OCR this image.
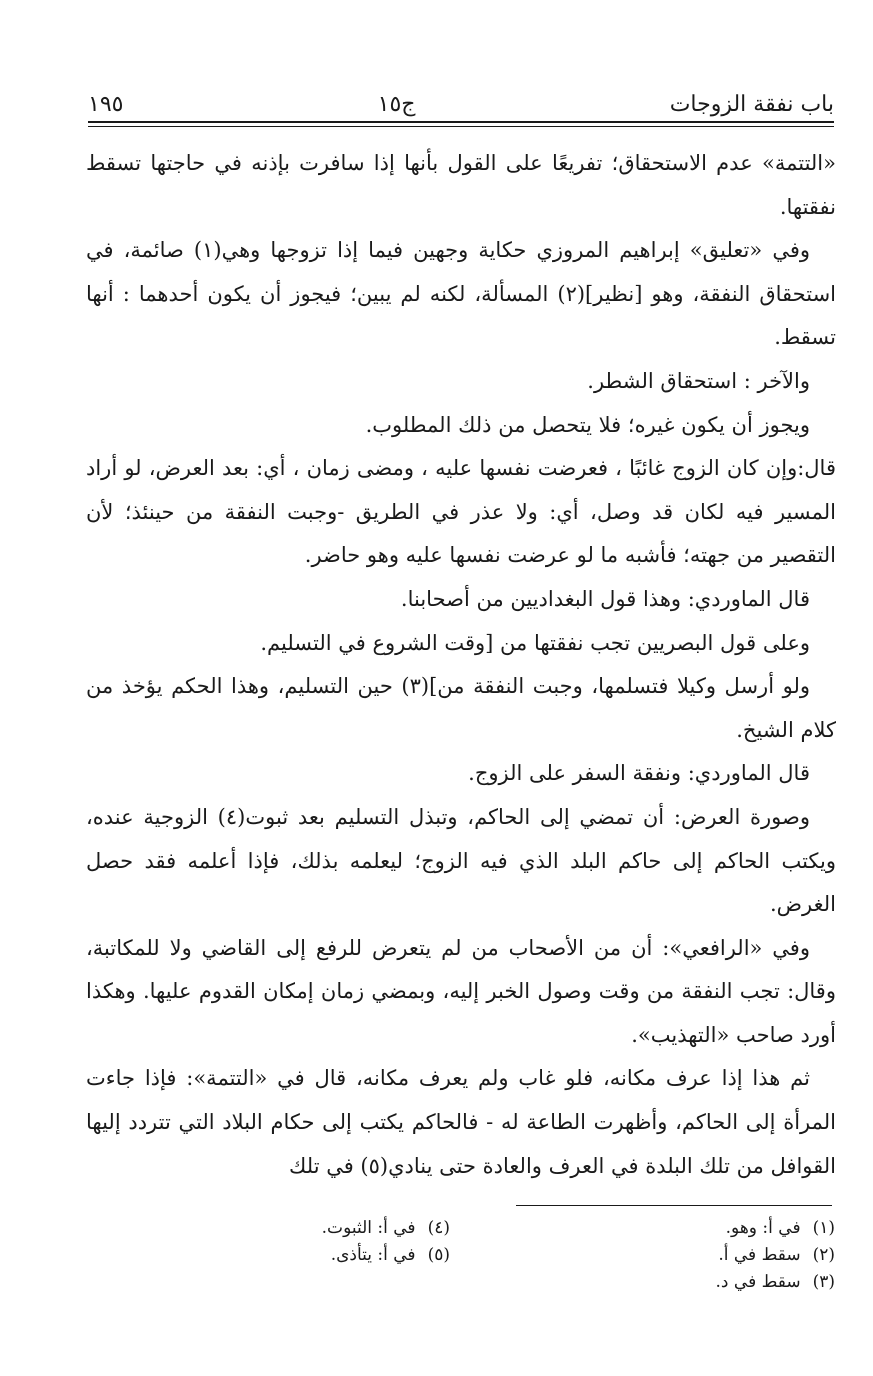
باب نفقة الزوجات
ج١٥
١٩٥

«التتمة» عدم الاستحقاق؛ تفريعًا على القول بأنها إذا سافرت بإذنه في حاجتها تسقط نفقتها.

وفي «تعليق» إبراهيم المروزي حكاية وجهين فيما إذا تزوجها وهي(١) صائمة، في استحقاق النفقة، وهو [نظير](٢) المسألة، لكنه لم يبين؛ فيجوز أن يكون أحدهما : أنها تسقط.

والآخر : استحقاق الشطر.

ويجوز أن يكون غيره؛ فلا يتحصل من ذلك المطلوب.

قال:وإن كان الزوج غائبًا ، فعرضت نفسها عليه ، ومضى زمان ، أي: بعد العرض، لو أراد المسير فيه لكان قد وصل، أي: ولا عذر في الطريق -وجبت النفقة من حينئذ؛ لأن التقصير من جهته؛ فأشبه ما لو عرضت نفسها عليه وهو حاضر.

قال الماوردي: وهذا قول البغداديين من أصحابنا.

وعلى قول البصريين تجب نفقتها من [وقت الشروع في التسليم.

ولو أرسل وكيلا فتسلمها، وجبت النفقة من](٣) حين التسليم، وهذا الحكم يؤخذ من كلام الشيخ.

قال الماوردي: ونفقة السفر على الزوج.

وصورة العرض: أن تمضي إلى الحاكم، وتبذل التسليم بعد ثبوت(٤) الزوجية عنده، ويكتب الحاكم إلى حاكم البلد الذي فيه الزوج؛ ليعلمه بذلك، فإذا أعلمه فقد حصل الغرض.

وفي «الرافعي»: أن من الأصحاب من لم يتعرض للرفع إلى القاضي ولا للمكاتبة، وقال: تجب النفقة من وقت وصول الخبر إليه، وبمضي زمان إمكان القدوم عليها. وهكذا أورد صاحب «التهذيب».

ثم هذا إذا عرف مكانه، فلو غاب ولم يعرف مكانه، قال في «التتمة»: فإذا جاءت المرأة إلى الحاكم، وأظهرت الطاعة له - فالحاكم يكتب إلى حكام البلاد التي تتردد إليها القوافل من تلك البلدة في العرف والعادة حتى ينادي(٥) في تلك

(١)
في أ: وهو.
(٢)
سقط في أ.
(٣)
سقط في د.
(٤)
في أ: الثبوت.
(٥)
في أ: يتأذى.
